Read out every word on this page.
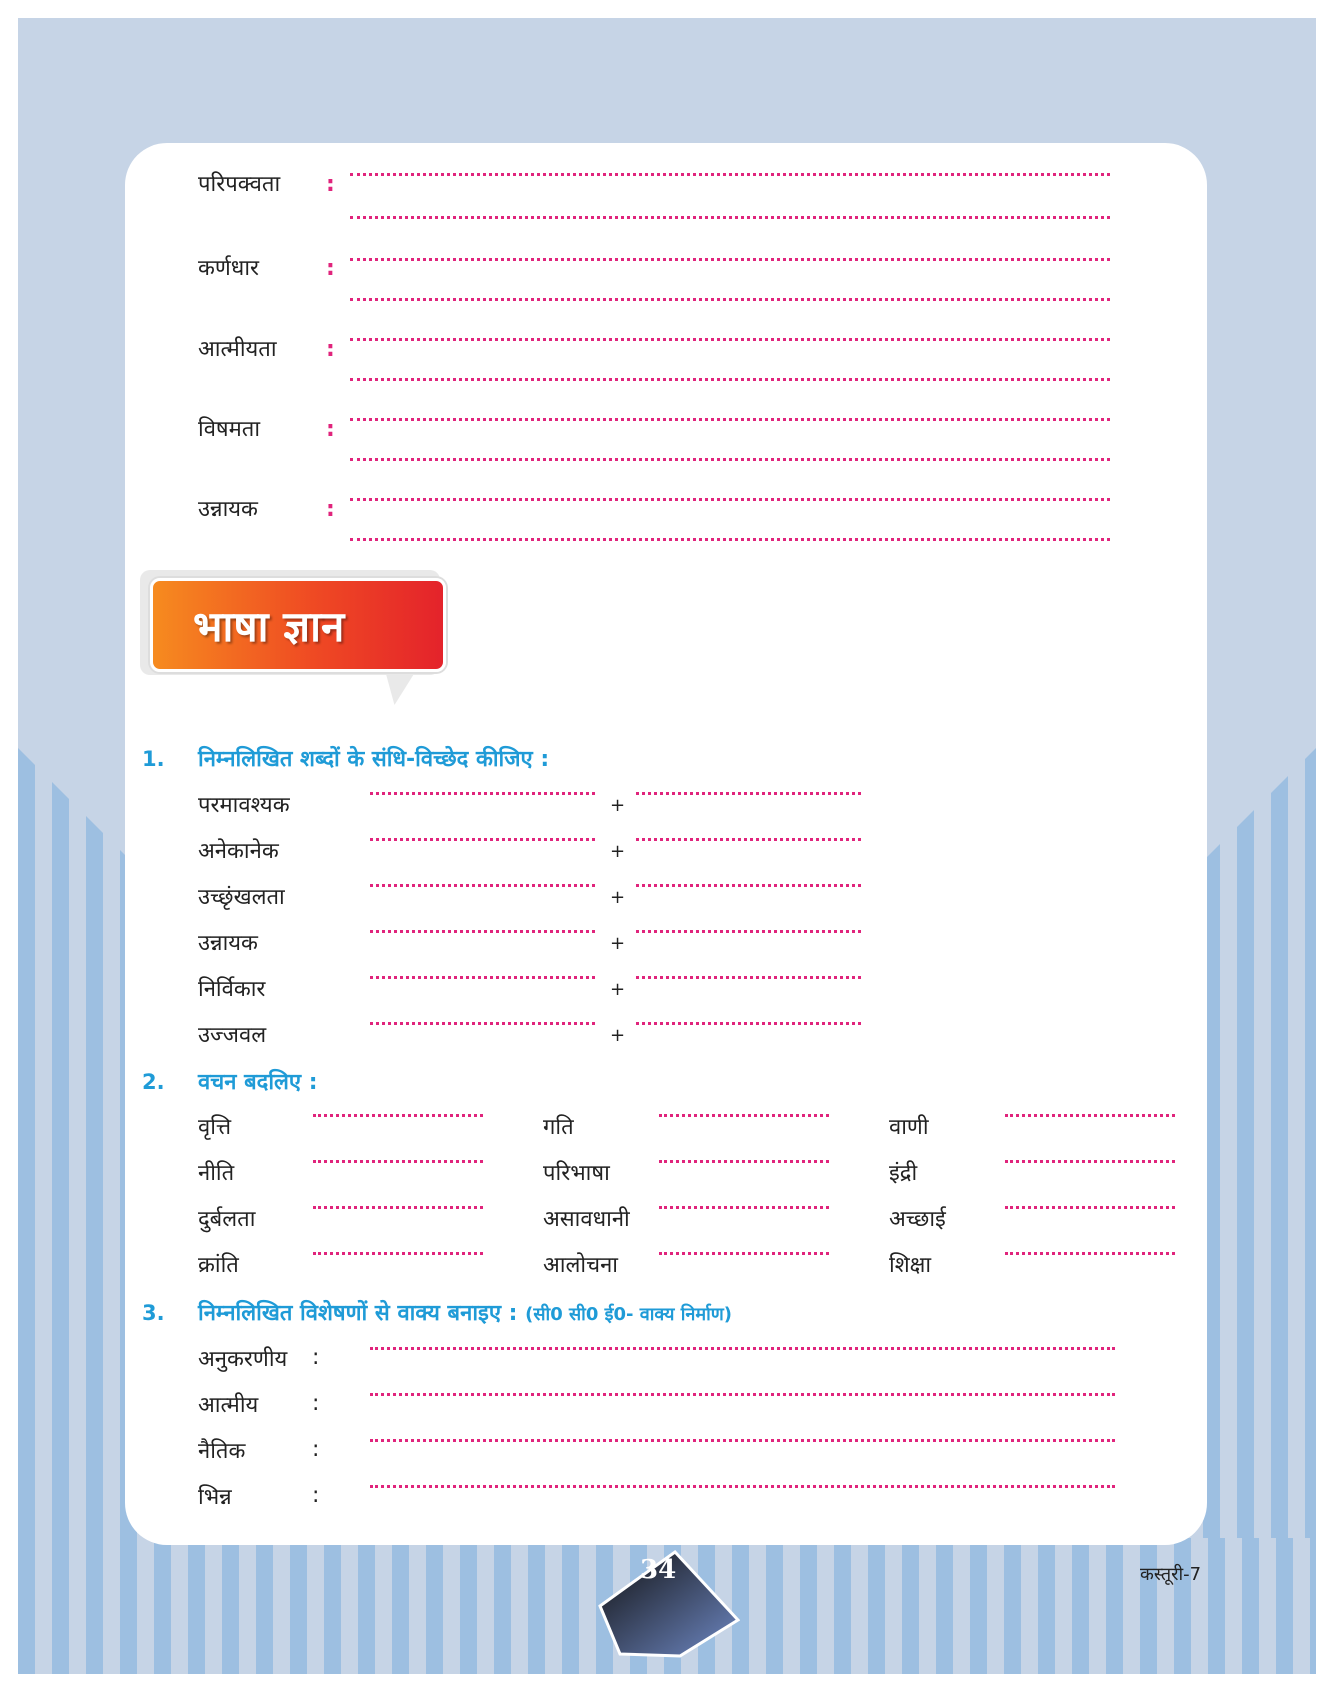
परिपक्वता :
कर्णधार	:
आत्मीयता :
विषमता	:
उन्नायक	:
भाषा ज्ञान
1. निम्नलिखित शब्दों के संधि-विच्छेद कीजिए :
परमावश्यक	+
अनेकानेक	+
उच्छृंखलता	+
उन्नायक	+
निर्विकार	+
उज्जवल	+
2. वचन बदलिए :
वृत्ति	गति	वाणी
नीति	परिभाषा	इंद्री
दुर्बलता	असावधानी	अच्छाई
क्रांति	आलोचना	शिक्षा
3. निम्नलिखित विशेषणों से वाक्य बनाइए : (सी0 सी0 ई0- वाक्य निर्माण)
अनुकरणीय :
आत्मीय :
नैतिक	:
भिन्न	:
34	कस्तूरी-7
